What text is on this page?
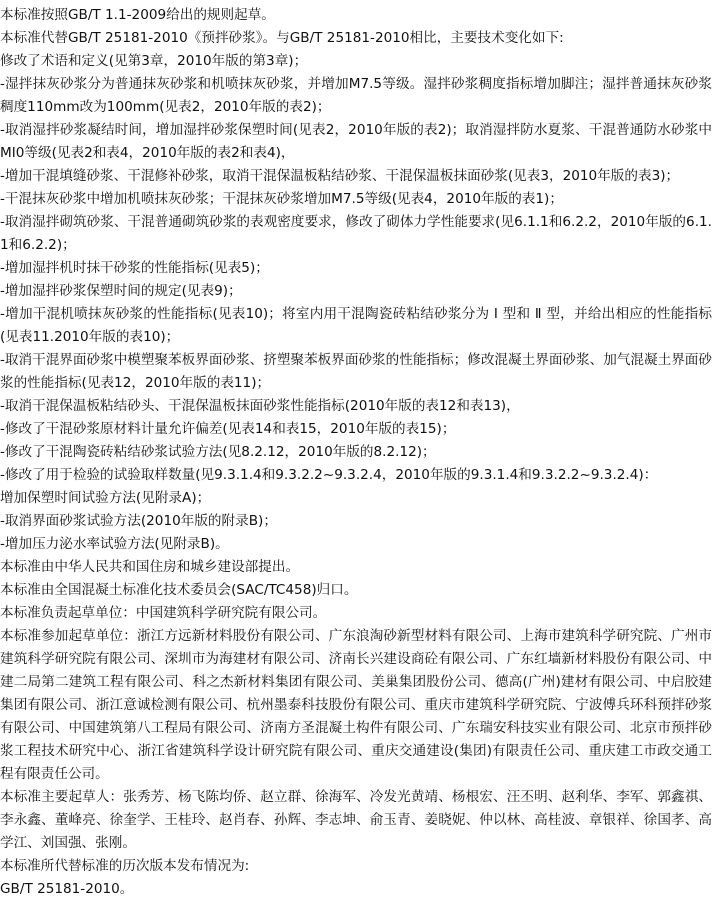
本标准按照GB/T 1.1-2009给出的规则起草。

本标准代替GB/T 25181-2010《预拌砂浆》。与GB/T 25181-2010相比，主要技术变化如下:

修改了术语和定义(见第3章，2010年版的第3章)；

-湿拌抹灰砂浆分为普通抹灰砂浆和机喷抹灰砂浆，并增加M7.5等级。湿拌砂浆稠度指标增加脚注；湿拌普通抹灰砂浆稠度110mm改为100mm(见表2，2010年版的表2)；

-取消湿拌砂浆凝结时间，增加湿拌砂浆保塑时间(见表2，2010年版的表2)；取消湿拌防水夏浆、干混普通防水砂浆中MI0等级(见表2和表4，2010年版的表2和表4)，

-增加干混填缝砂浆、干混修补砂浆，取消干混保温板粘结砂浆、干混保温板抹面砂浆(见表3，2010年版的表3)；

-干混抹灰砂浆中增加机喷抹灰砂浆；干混抹灰砂浆增加M7.5等级(见表4，2010年版的表1)；

-取消湿拌砌筑砂浆、干混普通砌筑砂浆的表观密度要求，修改了砌体力学性能要求(见6.1.1和6.2.2，2010年版的6.1.1和6.2.2)；

-增加湿拌机时抹干砂浆的性能指标(见表5)；

-增加湿拌砂浆保塑时间的规定(见表9)；

-增加干混机喷抹灰砂浆的性能指标(见表10)；将室内用干混陶瓷砖粘结砂浆分为 Ⅰ 型和 Ⅱ 型，并给出相应的性能指标(见表11.2010年版的表10)；

-取消干混界面砂浆中模塑聚苯板界面砂浆、挤塑聚苯板界面砂浆的性能指标；修改混凝土界面砂浆、加气混凝土界面砂浆的性能指标(见表12，2010年版的表11)；

-取消干混保温板粘结砂头、干混保温板抹面砂浆性能指标(2010年版的表12和表13)，

-修改了干混砂浆原材料计量允许偏差(见表14和表15，2010年版的表15)；

-修改了干混陶瓷砖粘结砂浆试验方法(见8.2.12，2010年版的8.2.12)；

-修改了用于检验的试验取样数量(见9.3.1.4和9.3.2.2~9.3.2.4，2010年版的9.3.1.4和9.3.2.2~9.3.2.4)：

增加保塑时间试验方法(见附录A)；

-取消界面砂浆试验方法(2010年版的附录B)；

-增加压力泌水率试验方法(见附录B)。

本标准由中华人民共和国住房和城乡建设部提出。

本标准由全国混凝土标准化技术委员会(SAC/TC458)归口。

本标准负责起草单位：中国建筑科学研究院有限公司。

本标准参加起草单位：浙江方远新材料股份有限公司、广东浪淘砂新型材料有限公司、上海市建筑科学研究院、广州市建筑科学研究院有限公司、深圳市为海建材有限公司、济南长兴建设商砼有限公司、广东红墙新材料股份有限公司、中建二局第二建筑工程有限公司、科之杰新材料集团有限公司、美巢集团股份公司、德高(广州)建材有限公司、中启胶建集团有限公司、浙江意诚检测有限公司、杭州墨泰科技股份有限公司、重庆市建筑科学研究院、宁波傅兵环科预拌砂浆有限公司、中国建筑第八工程局有限公司、济南方圣混凝土构件有限公司、广东瑞安科技实业有限公司、北京市预拌砂浆工程技术研究中心、浙江省建筑科学设计研究院有限公司、重庆交通建设(集团)有限责任公司、重庆建工市政交通工程有限责任公司。

本标准主要起草人：张秀芳、杨飞陈均侨、赵立群、徐海军、冷发光黄靖、杨根宏、汪丕明、赵利华、李军、郭鑫祺、李永鑫、董峰亮、徐奎学、王桂玲、赵肖春、孙辉、李志坤、俞玉青、姜晓妮、仲以林、高桂波、章银祥、徐国孝、高学江、刘国强、张刚。

本标准所代替标准的历次版本发布情况为:

GB/T 25181-2010。
